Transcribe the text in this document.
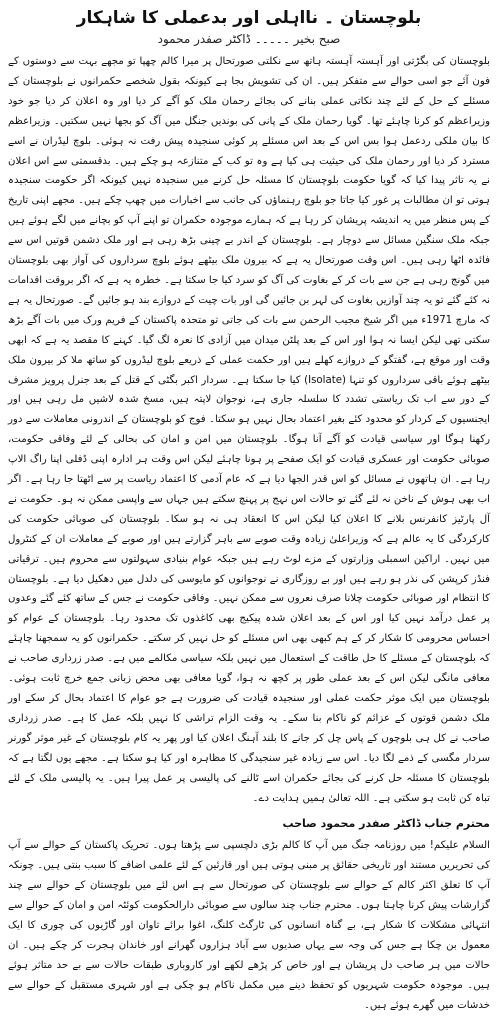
بلوچستان ۔ نااہلی اور بدعملی کا شاہکار
صبح بخیر ۔۔۔۔۔ ڈاکٹر صفدر محمود

بلوچستان کی بگڑتی اور آہستہ آہستہ ہاتھ سے نکلتی صورتحال پر میرا کالم چھپا تو مجھے بہت سے دوستوں کے فون آئے جو اسی حوالے سے متفکر ہیں۔ ان کی تشویش بجا ہے کیونکہ بقول شخصے حکمرانوں نے بلوچستان کے مسئلے کے حل کے لئے چند نکاتی عملی بنانے کی بجائے رحمان ملک کو آگے کر دیا اور وہ اعلان کر دیا جو خود وزیراعظم کو کرنا چاہئے تھا۔ گویا رحمان ملک کے پانی کی بوندیں جنگل میں آگ کو بجھا نہیں سکتیں۔ وزیراعظم کا بیان ملکی ردعمل ہوا بس اس کے بعد اس مسئلے پر کوئی سنجیدہ پیش رفت نہ ہوئی۔ بلوچ لیڈران نے اسے مسترد کر دیا اور رحمان ملک کی حیثیت ہی کیا ہے وہ تو کب کے متنازعہ ہو چکے ہیں۔ بدقسمتی سے اس اعلان نے یہ تاثر پیدا کیا کہ گویا حکومت بلوچستان کا مسئلہ حل کرنے میں سنجیدہ نہیں کیونکہ اگر حکومت سنجیدہ ہوتی تو ان مطالبات پر غور کیا جاتا جو بلوچ رہنماؤں کی جانب سے اخبارات میں چھپ چکے ہیں۔ مجھے اپنی تاریخ کے پس منظر میں یہ اندیشہ پریشان کر رہا ہے کہ ہمارے موجودہ حکمران تو اپنے آپ کو بچانے میں لگے ہوئے ہیں جبکہ ملک سنگین مسائل سے دوچار ہے۔ بلوچستان کے اندر بے چینی بڑھ رہی ہے اور ملک دشمن قوتیں اس سے فائدہ اٹھا رہی ہیں۔ اس وقت صورتحال یہ ہے کہ بیرون ملک بیٹھے ہوئے بلوچ سرداروں کی آواز بھی بلوچستان میں گونج رہی ہے جن سے بات کر کے بغاوت کی آگ کو سرد کیا جا سکتا ہے۔ خطرہ یہ ہے کہ اگر بروقت اقدامات نہ کئے گئے تو یہ چند آوازیں بغاوت کی لہر بن جائیں گی اور بات چیت کے دروازے بند ہو جائیں گے۔ صورتحال یہ ہے کہ مارچ 1971ء میں اگر شیخ مجیب الرحمن سے بات کی جاتی تو متحدہ پاکستان کے فریم ورک میں بات آگے بڑھ سکتی تھی لیکن ایسا نہ ہوا اور اس کے بعد پلٹن میدان میں آزادی کا نعرہ لگ گیا۔ کہنے کا مقصد یہ ہے کہ ابھی وقت اور موقع ہے، گفتگو کے دروازے کھلے ہیں اور حکمت عملی کے ذریعے بلوچ لیڈروں کو ساتھ ملا کر بیرون ملک بیٹھے ہوئے باقی سرداروں کو تنہا (Isolate) کیا جا سکتا ہے۔ سردار اکبر بگٹی کے قتل کے بعد جنرل پرویز مشرف کے دور سے اب تک ریاستی تشدد کا سلسلہ جاری ہے، نوجوان لاپتہ ہیں، مسخ شدہ لاشیں مل رہی ہیں اور ایجنسیوں کے کردار کو محدود کئے بغیر اعتماد بحال نہیں ہو سکتا۔ فوج کو بلوچستان کے اندرونی معاملات سے دور رکھنا ہوگا اور سیاسی قیادت کو آگے آنا ہوگا۔ بلوچستان میں امن و امان کی بحالی کے لئے وفاقی حکومت، صوبائی حکومت اور عسکری قیادت کو ایک صفحے پر ہونا چاہئے لیکن اس وقت ہر ادارہ اپنی ڈفلی اپنا راگ الاپ رہا ہے۔ ان ہاتھوں نے مسائل کو اس قدر الجھا دیا ہے کہ عام آدمی کا اعتماد ریاست پر سے اٹھتا جا رہا ہے۔ اگر اب بھی ہوش کے ناخن نہ لئے گئے تو حالات اس نہج پر پہنچ سکتے ہیں جہاں سے واپسی ممکن نہ ہو۔ حکومت نے آل پارٹیز کانفرنس بلانے کا اعلان کیا لیکن اس کا انعقاد ہی نہ ہو سکا۔ بلوچستان کی صوبائی حکومت کی کارکردگی کا یہ عالم ہے کہ وزیراعلیٰ زیادہ وقت صوبے سے باہر گزارتے ہیں اور صوبے کے معاملات ان کے کنٹرول میں نہیں۔ اراکین اسمبلی وزارتوں کے مزے لوٹ رہے ہیں جبکہ عوام بنیادی سہولتوں سے محروم ہیں۔ ترقیاتی فنڈز کرپشن کی نذر ہو رہے ہیں اور بے روزگاری نے نوجوانوں کو مایوسی کی دلدل میں دھکیل دیا ہے۔ بلوچستان کا انتظام اور صوبائی حکومت چلانا صرف نعروں سے ممکن نہیں۔ وفاقی حکومت نے جس کے ساتھ کئے گئے وعدوں پر عمل درآمد نہیں کیا اور اس کے بعد اعلان شدہ پیکیج بھی کاغذوں تک محدود رہا۔ بلوچستان کے عوام کو احساس محرومی کا شکار کر کے ہم کبھی بھی اس مسئلے کو حل نہیں کر سکتے۔ حکمرانوں کو یہ سمجھنا چاہئے کہ بلوچستان کے مسئلے کا حل طاقت کے استعمال میں نہیں بلکہ سیاسی مکالمے میں ہے۔ صدر زرداری صاحب نے معافی مانگی لیکن اس کے بعد عملی طور پر کچھ نہ ہوا، گویا معافی بھی محض زبانی جمع خرچ ثابت ہوئی۔ بلوچستان میں ایک موثر حکمت عملی اور سنجیدہ قیادت کی ضرورت ہے جو عوام کا اعتماد بحال کر سکے اور ملک دشمن قوتوں کے عزائم کو ناکام بنا سکے۔ یہ وقت الزام تراشی کا نہیں بلکہ عمل کا ہے۔ صدر زرداری صاحب نے کل ہی بلوچوں کے پاس چل کر جانے کا بلند آہنگ اعلان کیا اور پھر یہ کام بلوچستان کے غیر موثر گورنر سردار مگسی کے ذمے لگا دیا۔ اس سے زیادہ غیر سنجیدگی کا مظاہرہ اور کیا ہو سکتا ہے۔ مجھے یوں لگتا ہے کہ بلوچستان کا مسئلہ حل کرنے کی بجائے حکمران اسے ٹالنے کی پالیسی پر عمل پیرا ہیں۔ یہ پالیسی ملک کے لئے تباہ کن ثابت ہو سکتی ہے۔ اللہ تعالیٰ ہمیں ہدایت دے۔

محترم جناب ڈاکٹر صفدر محمود صاحب

السلام علیکم! میں روزنامہ جنگ میں آپ کا کالم بڑی دلچسپی سے پڑھتا ہوں۔ تحریک پاکستان کے حوالے سے آپ کی تحریریں مستند اور تاریخی حقائق پر مبنی ہوتی ہیں اور قارئین کے لئے علمی اضافے کا سبب بنتی ہیں۔ چونکہ آپ کا تعلق اکثر کالم کے حوالے سے بلوچستان کی صورتحال سے ہے اس لئے میں بلوچستان کے حوالے سے چند گزارشات پیش کرنا چاہتا ہوں۔ محترم جناب چند سالوں سے صوبائی دارالحکومت کوئٹہ امن و امان کے حوالے سے انتہائی مشکلات کا شکار ہے، بے گناہ انسانوں کی ٹارگٹ کلنگ، اغوا برائے تاوان اور گاڑیوں کی چوری کا ایک معمول بن چکا ہے جس کی وجہ سے یہاں صدیوں سے آباد ہزاروں گھرانے اور خاندان ہجرت کر چکے ہیں۔ ان حالات میں ہر صاحب دل پریشان ہے اور خاص کر پڑھے لکھے اور کاروباری طبقات حالات سے بے حد متاثر ہوئے ہیں۔ موجودہ حکومت شہریوں کو تحفظ دینے میں مکمل ناکام ہو چکی ہے اور شہری مستقبل کے حوالے سے خدشات میں گھرے ہوئے ہیں۔
